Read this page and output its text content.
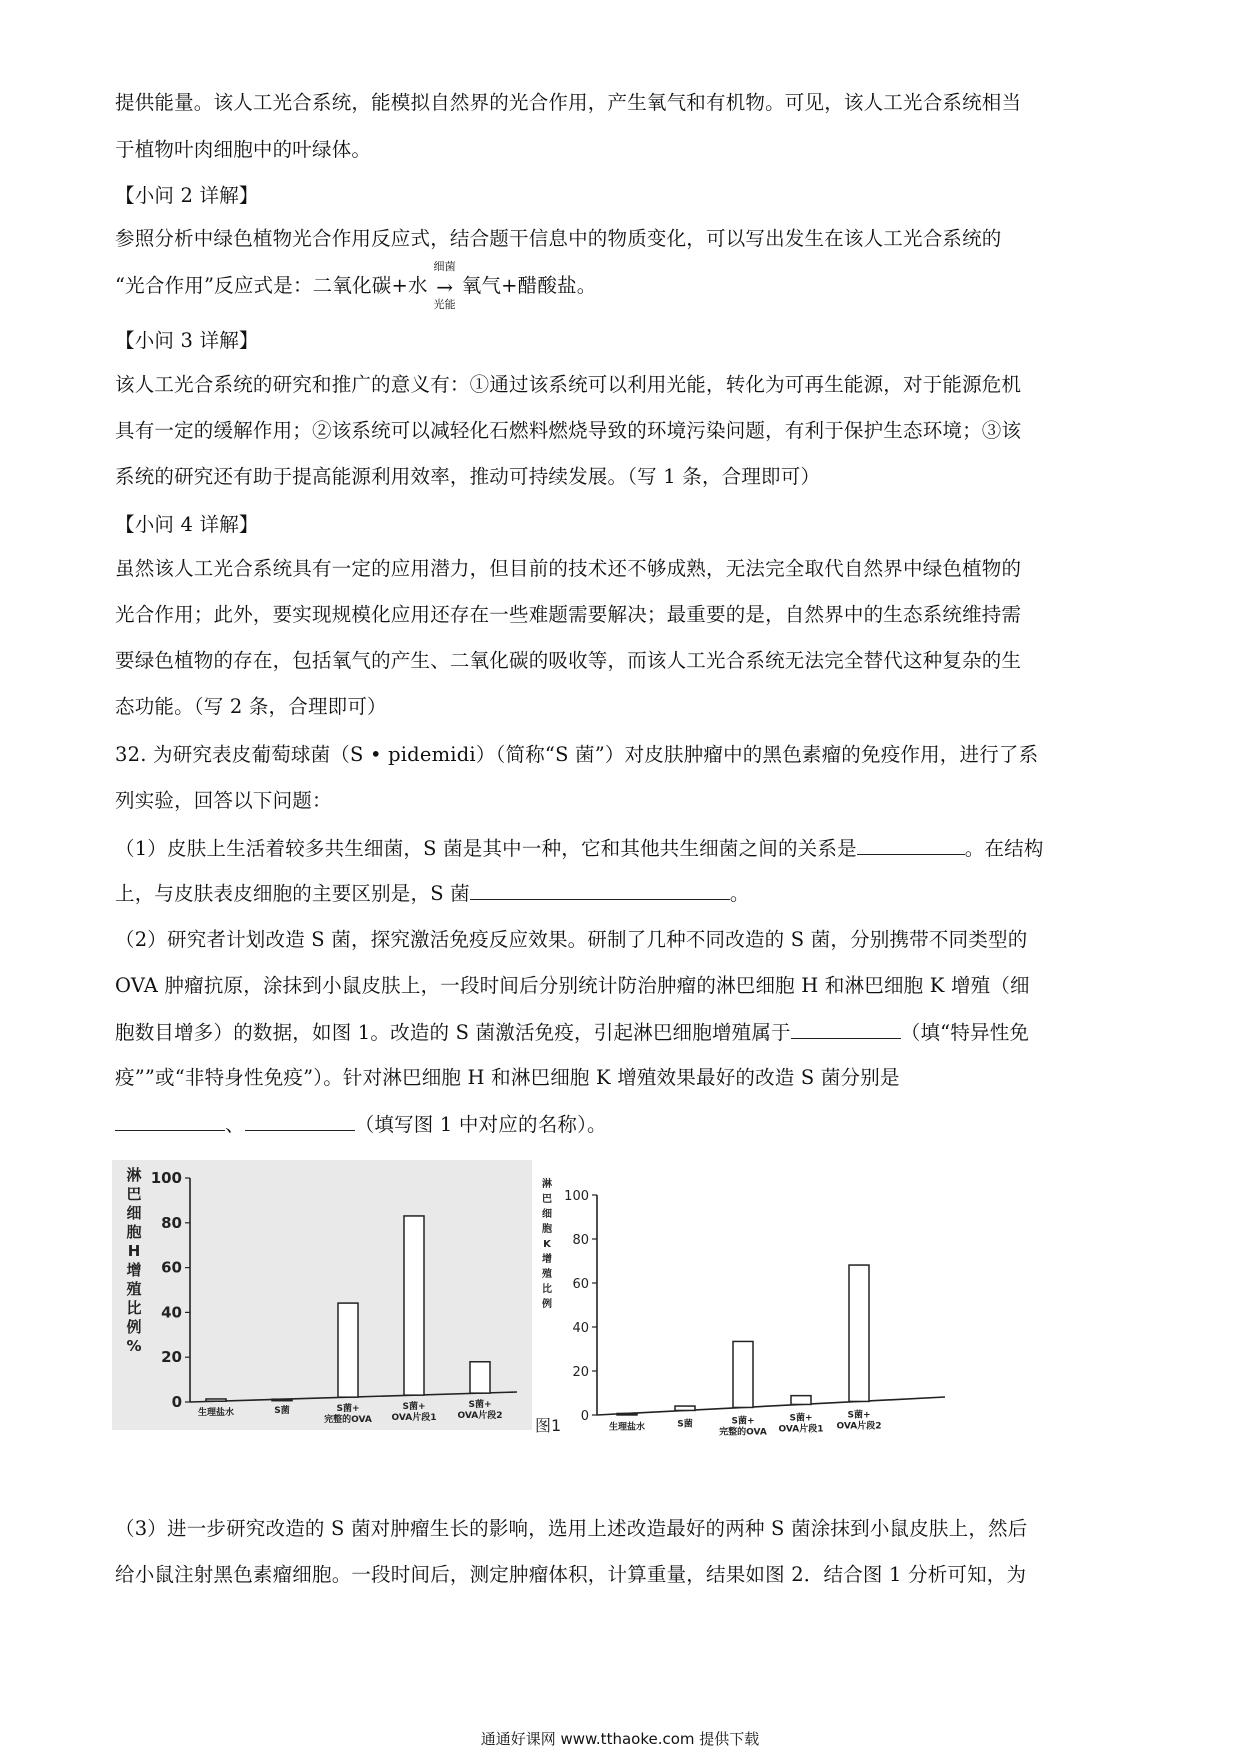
提供能量。该人工光合系统，能模拟自然界的光合作用，产生氧气和有机物。可见，该人工光合系统相当
于植物叶肉细胞中的叶绿体。
【小问 2 详解】
参照分析中绿色植物光合作用反应式，结合题干信息中的物质变化，可以写出发生在该人工光合系统的
“光合作用”反应式是：二氧化碳+水
细菌
→
光能
氧气+醋酸盐。
【小问 3 详解】
该人工光合系统的研究和推广的意义有：①通过该系统可以利用光能，转化为可再生能源，对于能源危机
具有一定的缓解作用；②该系统可以减轻化石燃料燃烧导致的环境污染问题，有利于保护生态环境；③该
系统的研究还有助于提高能源利用效率，推动可持续发展。（写 1 条，合理即可）
【小问 4 详解】
虽然该人工光合系统具有一定的应用潜力，但目前的技术还不够成熟，无法完全取代自然界中绿色植物的
光合作用；此外，要实现规模化应用还存在一些难题需要解决；最重要的是，自然界中的生态系统维持需
要绿色植物的存在，包括氧气的产生、二氧化碳的吸收等，而该人工光合系统无法完全替代这种复杂的生
态功能。（写 2 条，合理即可）
32. 为研究表皮葡萄球菌（S • pidemidi）（简称“S 菌”）对皮肤肿瘤中的黑色素瘤的免疫作用，进行了系
列实验，回答以下问题：
（1）皮肤上生活着较多共生细菌，S 菌是其中一种，它和其他共生细菌之间的关系是	。在结构
上，与皮肤表皮细胞的主要区别是，S 菌	。
（2）研究者计划改造 S 菌，探究激活免疫反应效果。研制了几种不同改造的 S 菌，分别携带不同类型的
OVA 肿瘤抗原，涂抹到小鼠皮肤上，一段时间后分别统计防治肿瘤的淋巴细胞 H 和淋巴细胞 K 增殖（细
胞数目增多）的数据，如图 1。改造的 S 菌激活免疫，引起淋巴细胞增殖属于	（填“特异性免
疫””或“非特身性免疫”）。针对淋巴细胞 H 和淋巴细胞 K 增殖效果最好的改造 S 菌分别是
、	（填写图 1 中对应的名称）。
淋
巴
细
胞
H
增
殖
比
例
%
100
80
60
40
20
0
生理盐水	S菌	S菌+
完整的OVA
S菌+
OVA片段1
S菌+
OVA片段2
淋
巴
细
胞
K
增
殖
比
例
100
80
60
40
20
0
生理盐水	S菌	S菌+
完整的OVA
S菌+
OVA片段1
S菌+
OVA片段2
图1
（3）进一步研究改造的 S 菌对肿瘤生长的影响，选用上述改造最好的两种 S 菌涂抹到小鼠皮肤上，然后
给小鼠注射黑色素瘤细胞。一段时间后，测定肿瘤体积，计算重量，结果如图 2．结合图 1 分析可知，为
通通好课网 www.tthaoke.com 提供下载
